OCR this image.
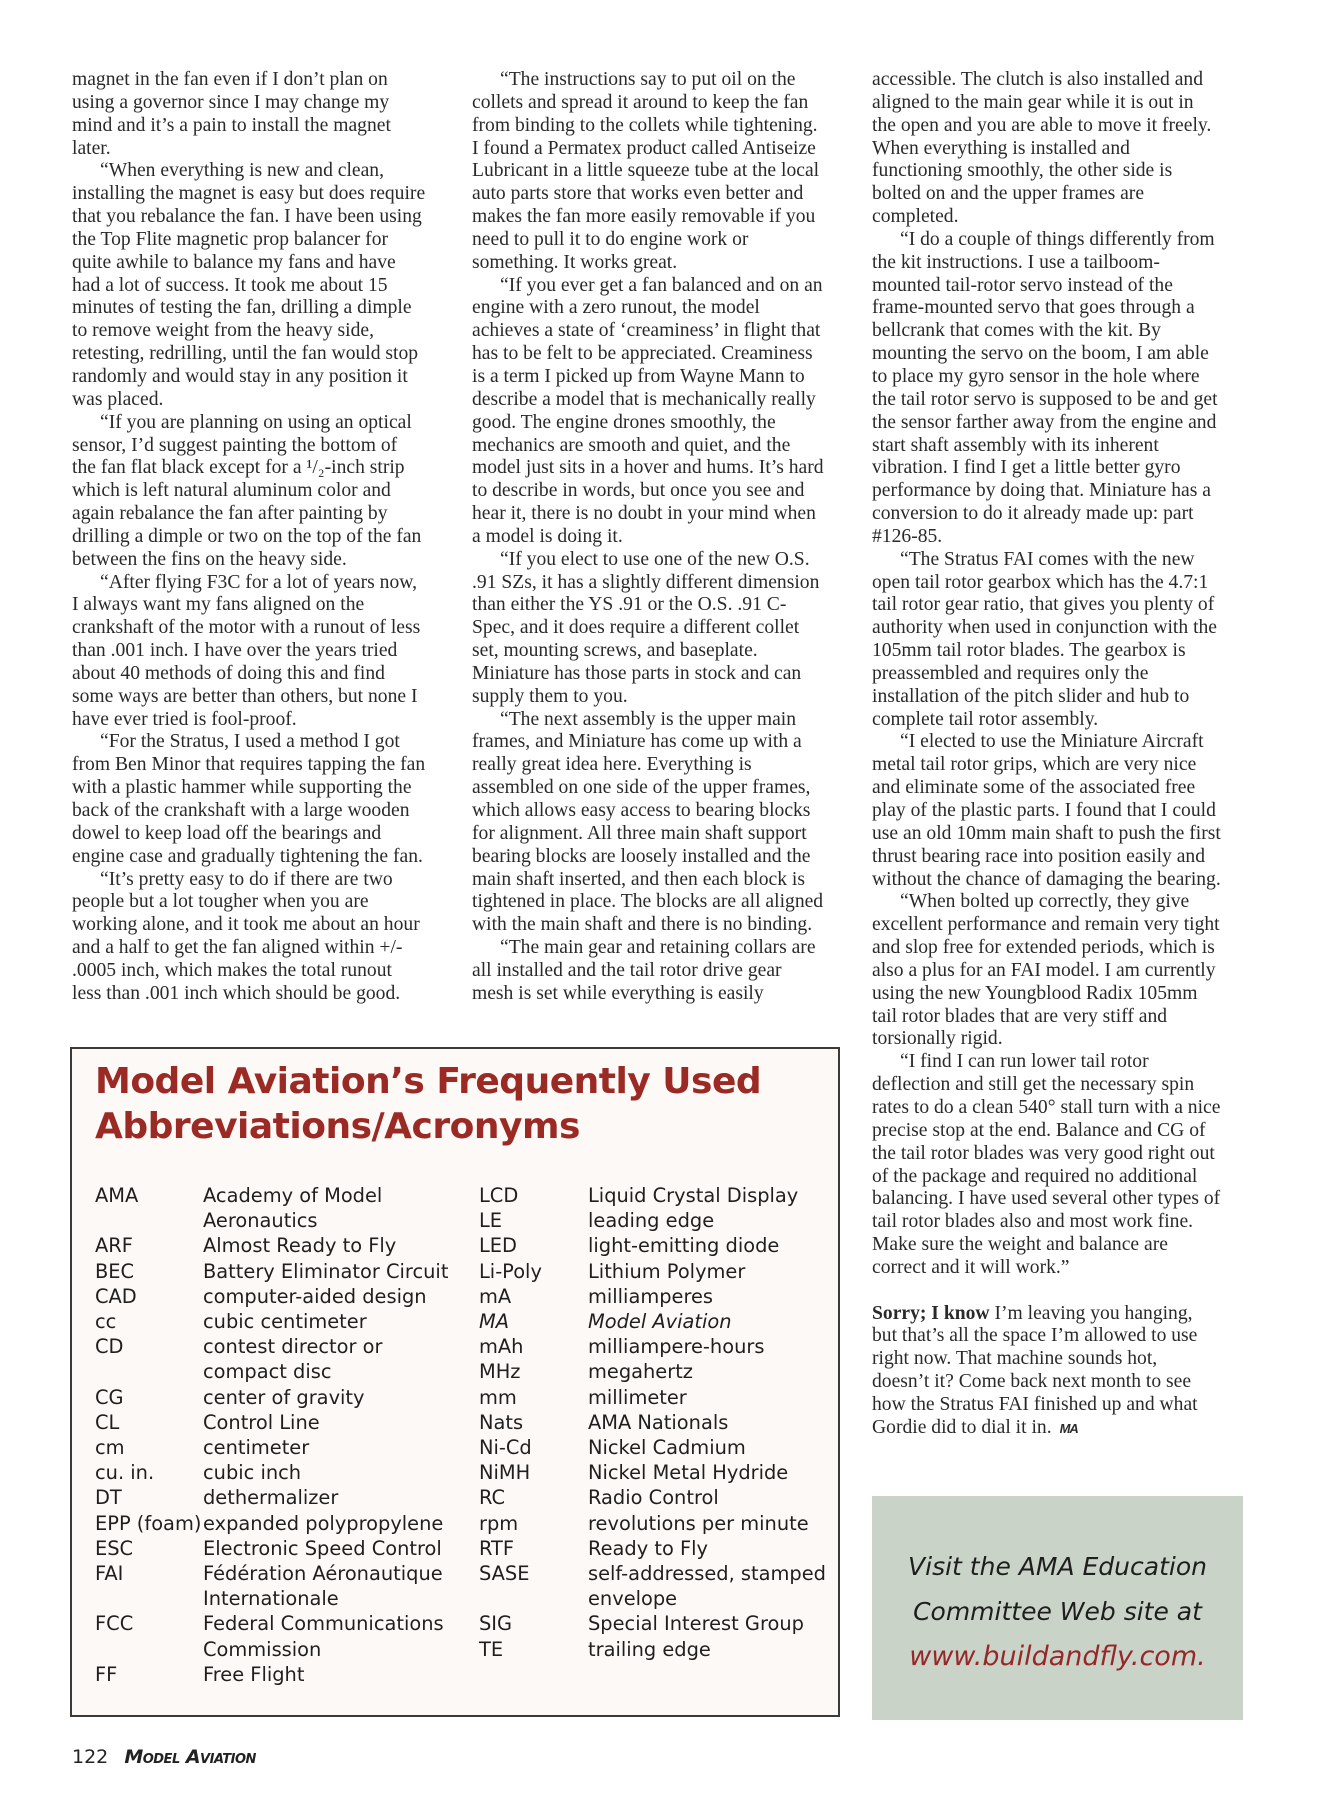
magnet in the fan even if I don’t plan on
using a governor since I may change my
mind and it’s a pain to install the magnet
later.
“When everything is new and clean,
installing the magnet is easy but does require
that you rebalance the fan. I have been using
the Top Flite magnetic prop balancer for
quite awhile to balance my fans and have
had a lot of success. It took me about 15
minutes of testing the fan, drilling a dimple
to remove weight from the heavy side,
retesting, redrilling, until the fan would stop
randomly and would stay in any position it
was placed.
“If you are planning on using an optical
sensor, I’d suggest painting the bottom of
the fan flat black except for a ¹/₂-inch strip
which is left natural aluminum color and
again rebalance the fan after painting by
drilling a dimple or two on the top of the fan
between the fins on the heavy side.
“After flying F3C for a lot of years now,
I always want my fans aligned on the
crankshaft of the motor with a runout of less
than .001 inch. I have over the years tried
about 40 methods of doing this and find
some ways are better than others, but none I
have ever tried is fool-proof.
“For the Stratus, I used a method I got
from Ben Minor that requires tapping the fan
with a plastic hammer while supporting the
back of the crankshaft with a large wooden
dowel to keep load off the bearings and
engine case and gradually tightening the fan.
“It’s pretty easy to do if there are two
people but a lot tougher when you are
working alone, and it took me about an hour
and a half to get the fan aligned within +/-
.0005 inch, which makes the total runout
less than .001 inch which should be good.
“The instructions say to put oil on the
collets and spread it around to keep the fan
from binding to the collets while tightening.
I found a Permatex product called Antiseize
Lubricant in a little squeeze tube at the local
auto parts store that works even better and
makes the fan more easily removable if you
need to pull it to do engine work or
something. It works great.
“If you ever get a fan balanced and on an
engine with a zero runout, the model
achieves a state of ‘creaminess’ in flight that
has to be felt to be appreciated. Creaminess
is a term I picked up from Wayne Mann to
describe a model that is mechanically really
good. The engine drones smoothly, the
mechanics are smooth and quiet, and the
model just sits in a hover and hums. It’s hard
to describe in words, but once you see and
hear it, there is no doubt in your mind when
a model is doing it.
“If you elect to use one of the new O.S.
.91 SZs, it has a slightly different dimension
than either the YS .91 or the O.S. .91 C-
Spec, and it does require a different collet
set, mounting screws, and baseplate.
Miniature has those parts in stock and can
supply them to you.
“The next assembly is the upper main
frames, and Miniature has come up with a
really great idea here. Everything is
assembled on one side of the upper frames,
which allows easy access to bearing blocks
for alignment. All three main shaft support
bearing blocks are loosely installed and the
main shaft inserted, and then each block is
tightened in place. The blocks are all aligned
with the main shaft and there is no binding.
“The main gear and retaining collars are
all installed and the tail rotor drive gear
mesh is set while everything is easily
accessible. The clutch is also installed and
aligned to the main gear while it is out in
the open and you are able to move it freely.
When everything is installed and
functioning smoothly, the other side is
bolted on and the upper frames are
completed.
“I do a couple of things differently from
the kit instructions. I use a tailboom-
mounted tail-rotor servo instead of the
frame-mounted servo that goes through a
bellcrank that comes with the kit. By
mounting the servo on the boom, I am able
to place my gyro sensor in the hole where
the tail rotor servo is supposed to be and get
the sensor farther away from the engine and
start shaft assembly with its inherent
vibration. I find I get a little better gyro
performance by doing that. Miniature has a
conversion to do it already made up: part
#126-85.
“The Stratus FAI comes with the new
open tail rotor gearbox which has the 4.7:1
tail rotor gear ratio, that gives you plenty of
authority when used in conjunction with the
105mm tail rotor blades. The gearbox is
preassembled and requires only the
installation of the pitch slider and hub to
complete tail rotor assembly.
“I elected to use the Miniature Aircraft
metal tail rotor grips, which are very nice
and eliminate some of the associated free
play of the plastic parts. I found that I could
use an old 10mm main shaft to push the first
thrust bearing race into position easily and
without the chance of damaging the bearing.
“When bolted up correctly, they give
excellent performance and remain very tight
and slop free for extended periods, which is
also a plus for an FAI model. I am currently
using the new Youngblood Radix 105mm
tail rotor blades that are very stiff and
torsionally rigid.
“I find I can run lower tail rotor
deflection and still get the necessary spin
rates to do a clean 540° stall turn with a nice
precise stop at the end. Balance and CG of
the tail rotor blades was very good right out
of the package and required no additional
balancing. I have used several other types of
tail rotor blades also and most work fine.
Make sure the weight and balance are
correct and it will work.”
Sorry; I know I’m leaving you hanging,
but that’s all the space I’m allowed to use
right now. That machine sounds hot,
doesn’t it? Come back next month to see
how the Stratus FAI finished up and what
Gordie did to dial it in. MA
Model Aviation’s Frequently Used
Abbreviations/Acronyms
AMA	Academy of Model
Aeronautics
ARF	Almost Ready to Fly
BEC	Battery Eliminator Circuit
CAD	computer-aided design
cc	cubic centimeter
CD	contest director or
compact disc
CG	center of gravity
CL	Control Line
cm	centimeter
cu. in.	cubic inch
DT	dethermalizer
EPP (foam) expanded polypropylene
ESC	Electronic Speed Control
FAI	Fédération Aéronautique
Internationale
FCC	Federal Communications
Commission
FF	Free Flight
LCD	Liquid Crystal Display
LE	leading edge
LED	light-emitting diode
Li-Poly	Lithium Polymer
mA	milliamperes
MA	Model Aviation
mAh	milliampere-hours
MHz	megahertz
mm	millimeter
Nats	AMA Nationals
Ni-Cd	Nickel Cadmium
NiMH	Nickel Metal Hydride
RC	Radio Control
rpm	revolutions per minute
RTF	Ready to Fly
SASE	self-addressed, stamped
envelope
SIG	Special Interest Group
TE	trailing edge
Visit the AMA Education
Committee Web site at
www.buildandfly.com.
122 Model Aviation
